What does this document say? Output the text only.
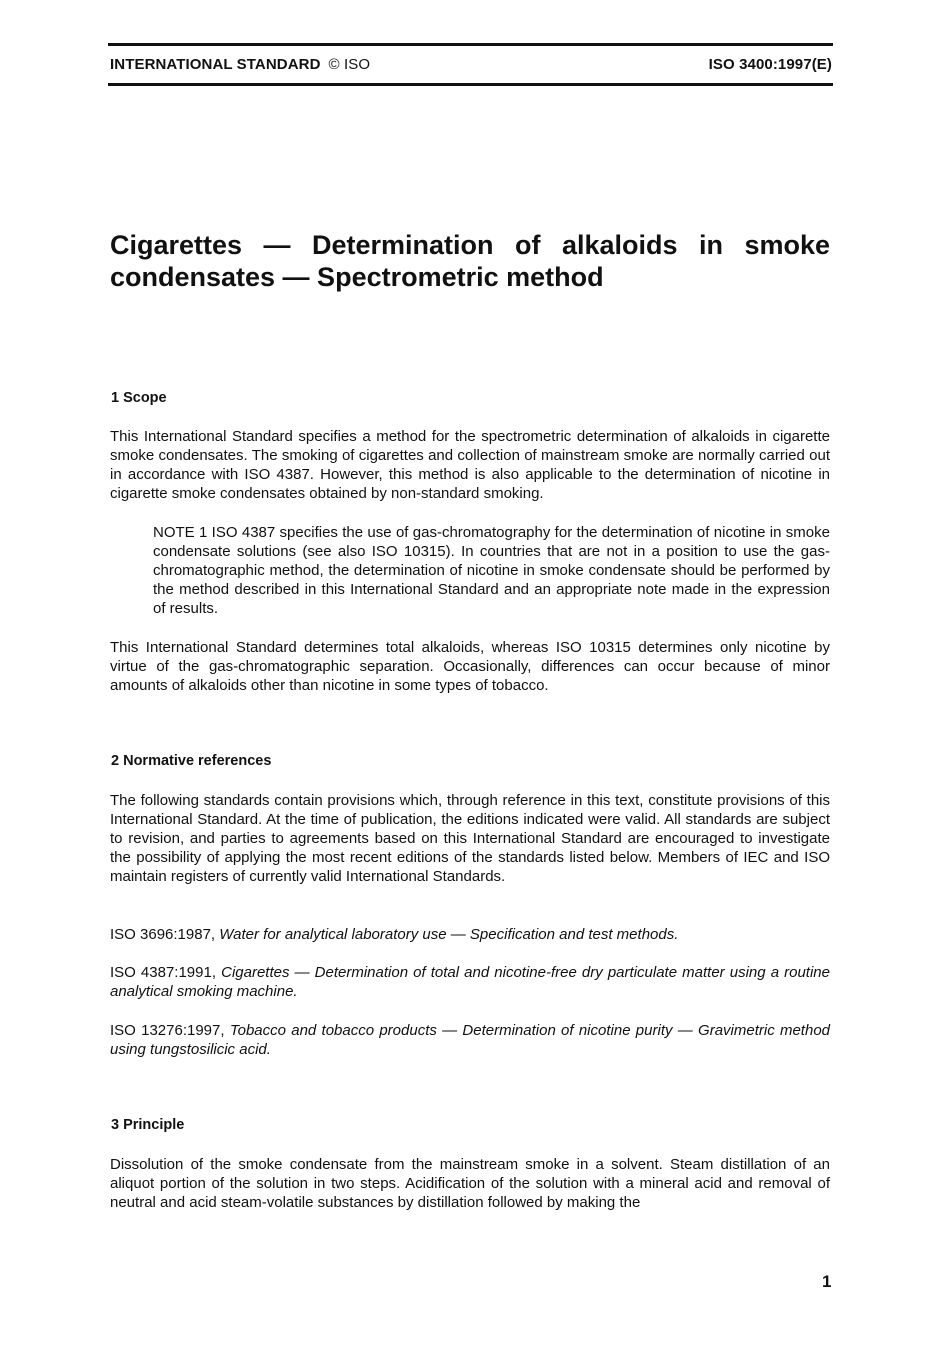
INTERNATIONAL STANDARD © ISO	ISO 3400:1997(E)
Cigarettes — Determination of alkaloids in smoke condensates — Spectrometric method
1 Scope

This International Standard specifies a method for the spectrometric determination of alkaloids in cigarette smoke condensates. The smoking of cigarettes and collection of mainstream smoke are normally carried out in accordance with ISO 4387. However, this method is also applicable to the determination of nicotine in cigarette smoke condensates obtained by non-standard smoking.

NOTE 1 ISO 4387 specifies the use of gas-chromatography for the determination of nicotine in smoke condensate solutions (see also ISO 10315). In countries that are not in a position to use the gas-chromatographic method, the determination of nicotine in smoke condensate should be performed by the method described in this International Standard and an appropriate note made in the expression of results.

This International Standard determines total alkaloids, whereas ISO 10315 determines only nicotine by virtue of the gas-chromatographic separation. Occasionally, differences can occur because of minor amounts of alkaloids other than nicotine in some types of tobacco.

2 Normative references

The following standards contain provisions which, through reference in this text, constitute provisions of this International Standard. At the time of publication, the editions indicated were valid. All standards are subject to revision, and parties to agreements based on this International Standard are encouraged to investigate the possibility of applying the most recent editions of the standards listed below. Members of IEC and ISO maintain registers of currently valid International Standards.

ISO 3696:1987, Water for analytical laboratory use — Specification and test methods.

ISO 4387:1991, Cigarettes — Determination of total and nicotine-free dry particulate matter using a routine analytical smoking machine.

ISO 13276:1997, Tobacco and tobacco products — Determination of nicotine purity — Gravimetric method using tungstosilicic acid.

3 Principle

Dissolution of the smoke condensate from the mainstream smoke in a solvent. Steam distillation of an aliquot portion of the solution in two steps. Acidification of the solution with a mineral acid and removal of neutral and acid steam-volatile substances by distillation followed by making the

1
